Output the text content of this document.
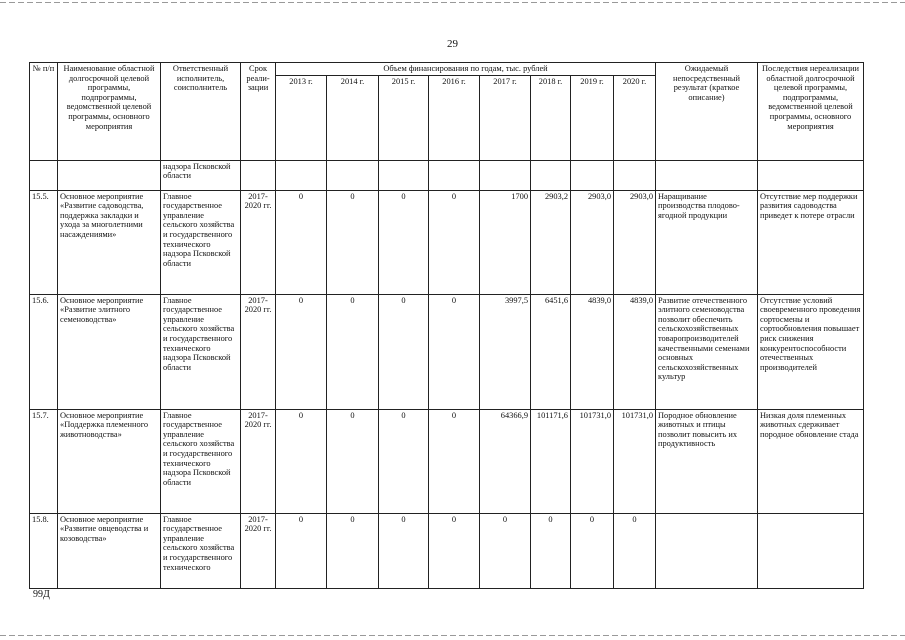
29
№ п/п	Наименование областной долгосрочной целевой программы, подпрограммы, ведомственной целевой программы, основного мероприятия	Ответственный исполнитель, соисполнитель	Срок реали-зации	Объем финансирования по годам, тыс. рублей								Ожидаемый непосредственный результат (краткое описание)	Последствия нереализации областной долгосрочной целевой программы, подпрограммы, ведомственной целевой программы, основного мероприятия
				2013 г.	2014 г.	2015 г.	2016 г.	2017 г.	2018 г.	2019 г.	2020 г.		
		надзора Псковской области											
15.5.	Основное мероприятие «Развитие садоводства, поддержка закладки и ухода за многолетними насаждениями»	Главное государственное управление сельского хозяйства и государственного технического надзора Псковской области	2017-2020 гг.	0	0	0	0	1700	2903,2	2903,0	2903,0	Наращивание производства плодово-ягодной продукции	Отсутствие мер поддержки развития садоводства приведет к потере отрасли
15.6.	Основное мероприятие «Развитие элитного семеноводства»	Главное государственное управление сельского хозяйства и государственного технического надзора Псковской области	2017-2020 гг.	0	0	0	0	3997,5	6451,6	4839,0	4839,0	Развитие отечественного элитного семеноводства позволит обеспечить сельскохозяйственных товаропроизводителей качественными семенами основных сельскохозяйственных культур	Отсутствие условий своевременного проведения сортосмены и сортообновления повышает риск снижения конкурентоспособности отечественных производителей
15.7.	Основное мероприятие «Поддержка племенного животноводства»	Главное государственное управление сельского хозяйства и государственного технического надзора Псковской области	2017-2020 гг.	0	0	0	0	64366,9	101171,6	101731,0	101731,0	Породное обновление животных и птицы позволит повысить их продуктивность	Низкая доля племенных животных сдерживает породное обновление стада
15.8.	Основное мероприятие «Развитие овцеводства и козоводства»	Главное государственное управление сельского хозяйства и государственного технического	2017-2020 гг.	0	0	0	0	0	0	0	0		
99Д
